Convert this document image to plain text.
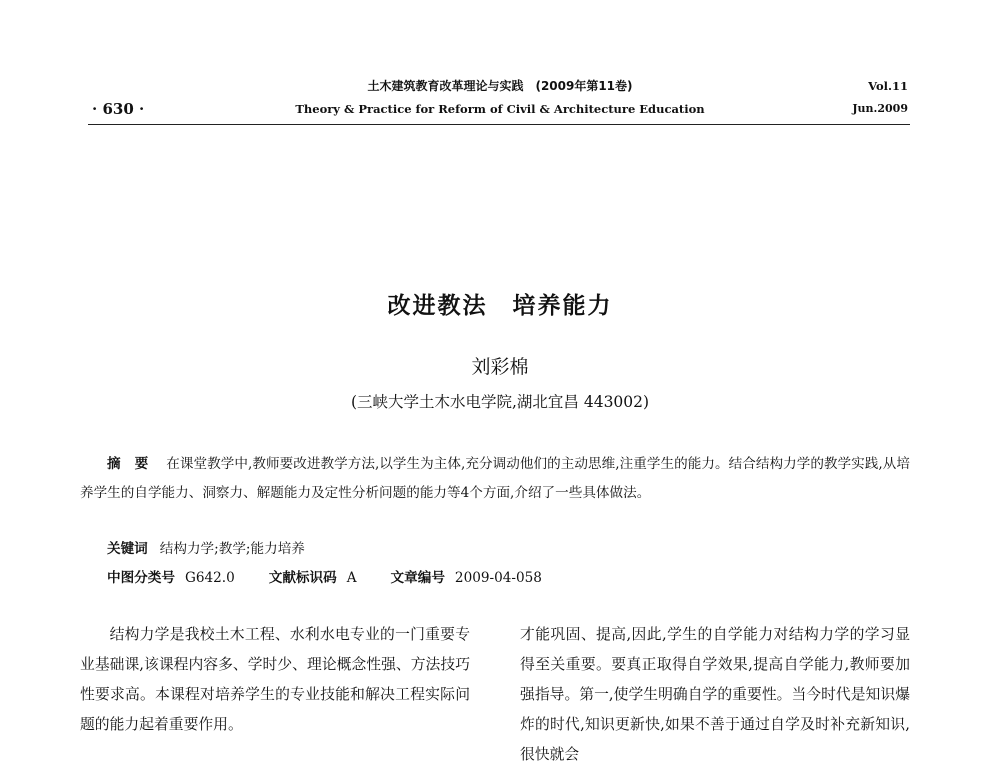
· 630 ·
土木建筑教育改革理论与实践　(2009年第11卷)
Theory & Practice for Reform of Civil & Architecture Education
Vol.11
Jun.2009
改进教法　培养能力
刘彩棉
(三峡大学土木水电学院,湖北宜昌 443002)

摘要 在课堂教学中,教师要改进教学方法,以学生为主体,充分调动他们的主动思维,注重学生的能力。结合结构力学的教学实践,从培养学生的自学能力、洞察力、解题能力及定性分析问题的能力等4个方面,介绍了一些具体做法。

关键词 结构力学;教学;能力培养
中图分类号 G642.0	文献标识码 A	文章编号 2009-04-058

结构力学是我校土木工程、水利水电专业的一门重要专业基础课,该课程内容多、学时少、理论概念性强、方法技巧性要求高。本课程对培养学生的专业技能和解决工程实际问题的能力起着重要作用。

才能巩固、提高,因此,学生的自学能力对结构力学的学习显得至关重要。要真正取得自学效果,提高自学能力,教师要加强指导。第一,使学生明确自学的重要性。当今时代是知识爆炸的时代,知识更新快,如果不善于通过自学及时补充新知识,很快就会
